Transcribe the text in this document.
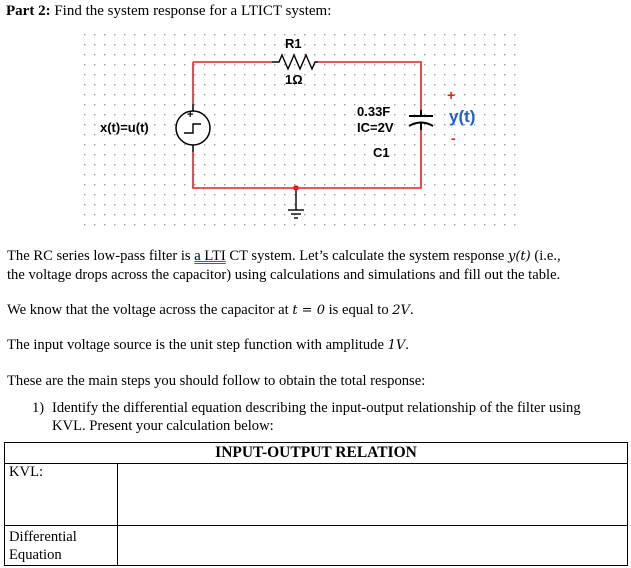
Part 2: Find the system response for a LTICT system:
R1
1Ω
0.33F
IC=2V
C1
+
y(t)
-
+
x(t)=u(t)
The RC series low-pass filter is a LTI CT system. Let’s calculate the system response y(t) (i.e.,
the voltage drops across the capacitor) using calculations and simulations and fill out the table.
We know that the voltage across the capacitor at t = 0 is equal to 2V.
The input voltage source is the unit step function with amplitude 1V.
These are the main steps you should follow to obtain the total response:
1) Identify the differential equation describing the input-output relationship of the filter using
KVL. Present your calculation below:
INPUT-OUTPUT RELATION	
KVL:	
Differential
Equation	
